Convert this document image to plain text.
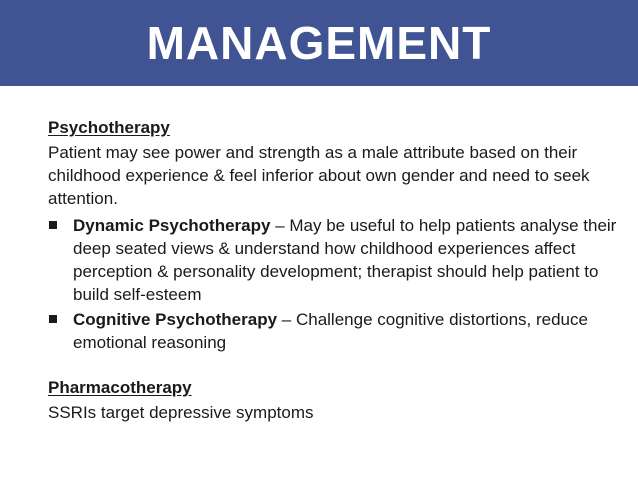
MANAGEMENT

Psychotherapy

Patient may see power and strength as a male attribute based on their childhood experience & feel inferior about own gender and need to seek attention.

Dynamic Psychotherapy – May be useful to help patients analyse their deep seated views & understand how childhood experiences affect perception & personality development; therapist should help patient to build self-esteem
Cognitive Psychotherapy – Challenge cognitive distortions, reduce emotional reasoning

Pharmacotherapy

SSRIs target depressive symptoms
